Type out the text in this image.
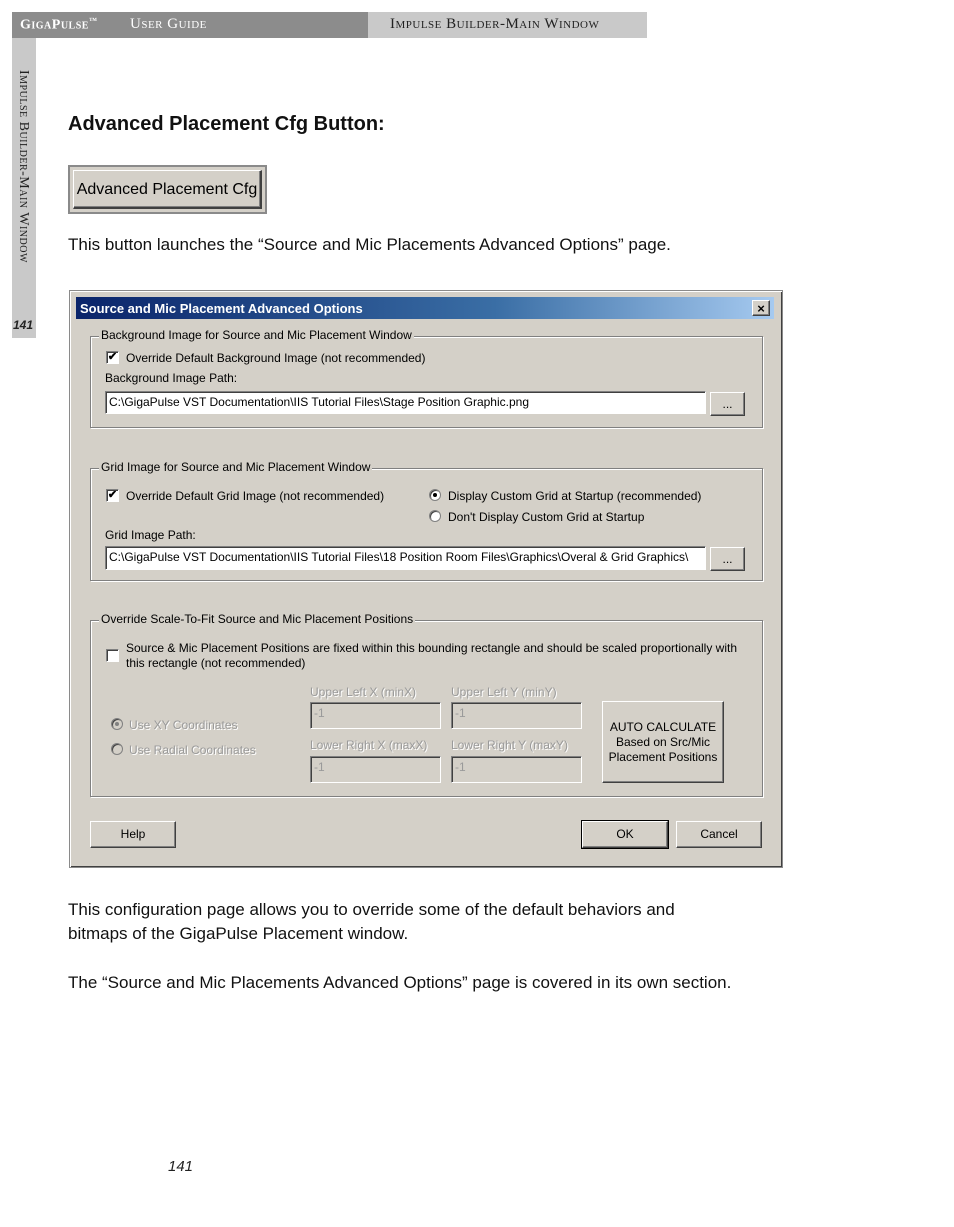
GigaPulse™ User Guide	Impulse Builder-Main Window
Impulse Builder-Main Window
141
Advanced Placement Cfg Button:
Advanced Placement Cfg
This button launches the “Source and Mic Placements Advanced Options” page.
Source and Mic Placement Advanced Options	×
Background Image for Source and Mic Placement Window
✔ Override Default Background Image (not recommended)
Background Image Path:
C:\GigaPulse VST Documentation\IIS Tutorial Files\Stage Position Graphic.png	...
Grid Image for Source and Mic Placement Window
✔ Override Default Grid Image (not recommended)	Display Custom Grid at Startup (recommended)
Don't Display Custom Grid at Startup
Grid Image Path:
C:\GigaPulse VST Documentation\IIS Tutorial Files\18 Position Room Files\Graphics\Overal & Grid Graphics\	...
Override Scale-To-Fit Source and Mic Placement Positions
Source & Mic Placement Positions are fixed within this bounding rectangle and should be scaled proportionally with
this rectangle (not recommended)
Use XY Coordinates
Use Radial Coordinates
Upper Left X (minX)
-1
Upper Left Y (minY)
-1
Lower Right X (maxX)
-1
Lower Right Y (maxY)
-1
AUTO CALCULATE
Based on Src/Mic
Placement Positions
Help	OK	Cancel
This configuration page allows you to override some of the default behaviors and
bitmaps of the GigaPulse Placement window.
The “Source and Mic Placements Advanced Options” page is covered in its own section.
141
